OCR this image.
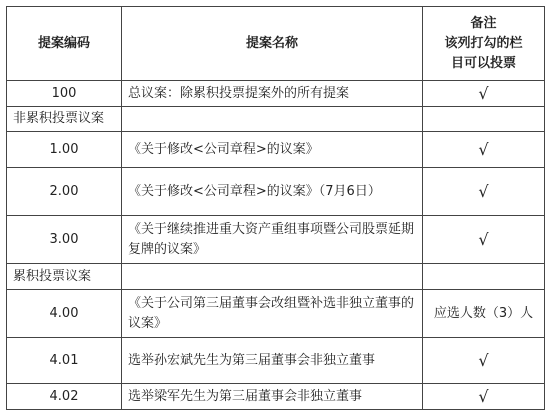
提案编码	提案名称	备注
该列打勾的栏
目可以投票

100	总议案：除累积投票提案外的所有提案	√
非累积投票议案		
1.00	《关于修改<公司章程>的议案》	√
2.00	《关于修改<公司章程>的议案》（7月6日）	√
3.00	《关于继续推进重大资产重组事项暨公司股票延期复牌的议案》	√
累积投票议案		
4.00	《关于公司第三届董事会改组暨补选非独立董事的议案》	应选人数（3）人
4.01	选举孙宏斌先生为第三届董事会非独立董事	√
4.02	选举梁军先生为第三届董事会非独立董事	√
